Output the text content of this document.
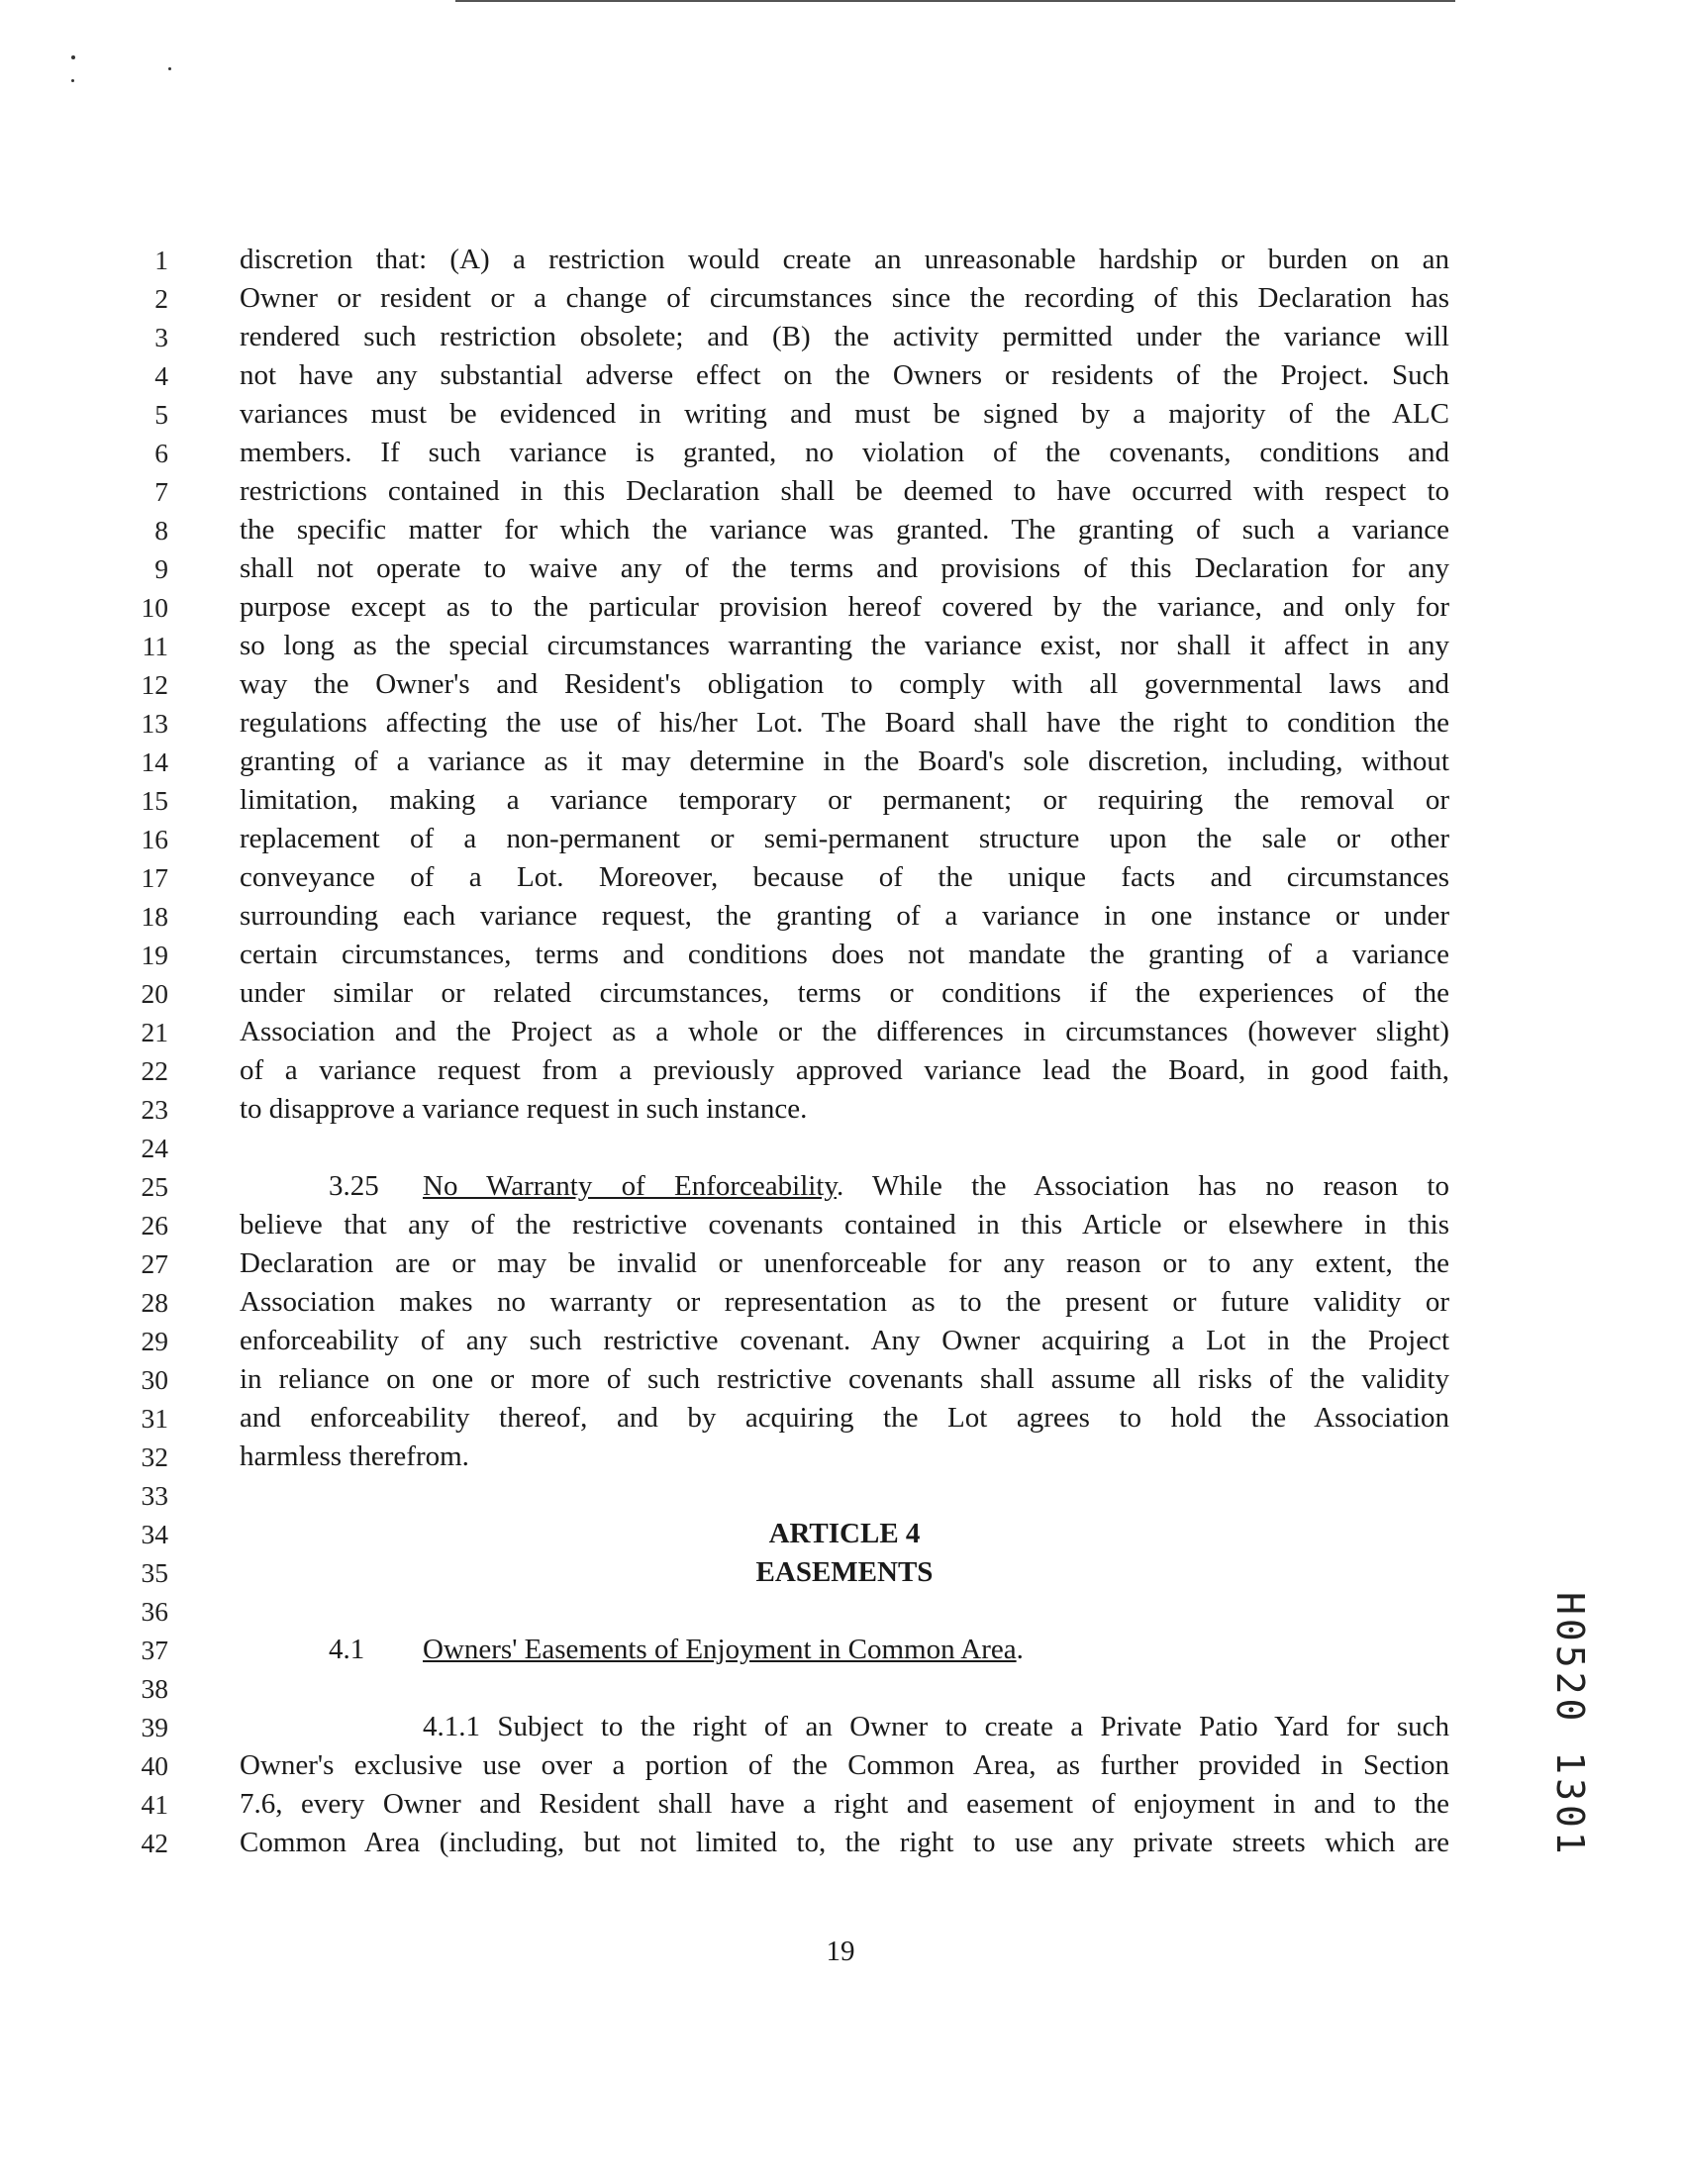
1 discretion that: (A) a restriction would create an unreasonable hardship or burden on an
2 Owner or resident or a change of circumstances since the recording of this Declaration has
3 rendered such restriction obsolete; and (B) the activity permitted under the variance will
4 not have any substantial adverse effect on the Owners or residents of the Project. Such
5 variances must be evidenced in writing and must be signed by a majority of the ALC
6 members. If such variance is granted, no violation of the covenants, conditions and
7 restrictions contained in this Declaration shall be deemed to have occurred with respect to
8 the specific matter for which the variance was granted. The granting of such a variance
9 shall not operate to waive any of the terms and provisions of this Declaration for any
10 purpose except as to the particular provision hereof covered by the variance, and only for
11 so long as the special circumstances warranting the variance exist, nor shall it affect in any
12 way the Owner's and Resident's obligation to comply with all governmental laws and
13 regulations affecting the use of his/her Lot. The Board shall have the right to condition the
14 granting of a variance as it may determine in the Board's sole discretion, including, without
15 limitation, making a variance temporary or permanent; or requiring the removal or
16 replacement of a non-permanent or semi-permanent structure upon the sale or other
17 conveyance of a Lot. Moreover, because of the unique facts and circumstances
18 surrounding each variance request, the granting of a variance in one instance or under
19 certain circumstances, terms and conditions does not mandate the granting of a variance
20 under similar or related circumstances, terms or conditions if the experiences of the
21 Association and the Project as a whole or the differences in circumstances (however slight)
22 of a variance request from a previously approved variance lead the Board, in good faith,
23 to disapprove a variance request in such instance.
24
25	3.25 No Warranty of Enforceability. While the Association has no reason to
26 believe that any of the restrictive covenants contained in this Article or elsewhere in this
27 Declaration are or may be invalid or unenforceable for any reason or to any extent, the
28 Association makes no warranty or representation as to the present or future validity or
29 enforceability of any such restrictive covenant. Any Owner acquiring a Lot in the Project
30 in reliance on one or more of such restrictive covenants shall assume all risks of the validity
31 and enforceability thereof, and by acquiring the Lot agrees to hold the Association
32 harmless therefrom.
33
34	ARTICLE 4
35	EASEMENTS
36
37	4.1 Owners' Easements of Enjoyment in Common Area.
38
39	4.1.1 Subject to the right of an Owner to create a Private Patio Yard for such
40 Owner's exclusive use over a portion of the Common Area, as further provided in Section
41 7.6, every Owner and Resident shall have a right and easement of enjoyment in and to the
42 Common Area (including, but not limited to, the right to use any private streets which are	H0520 1301
19
